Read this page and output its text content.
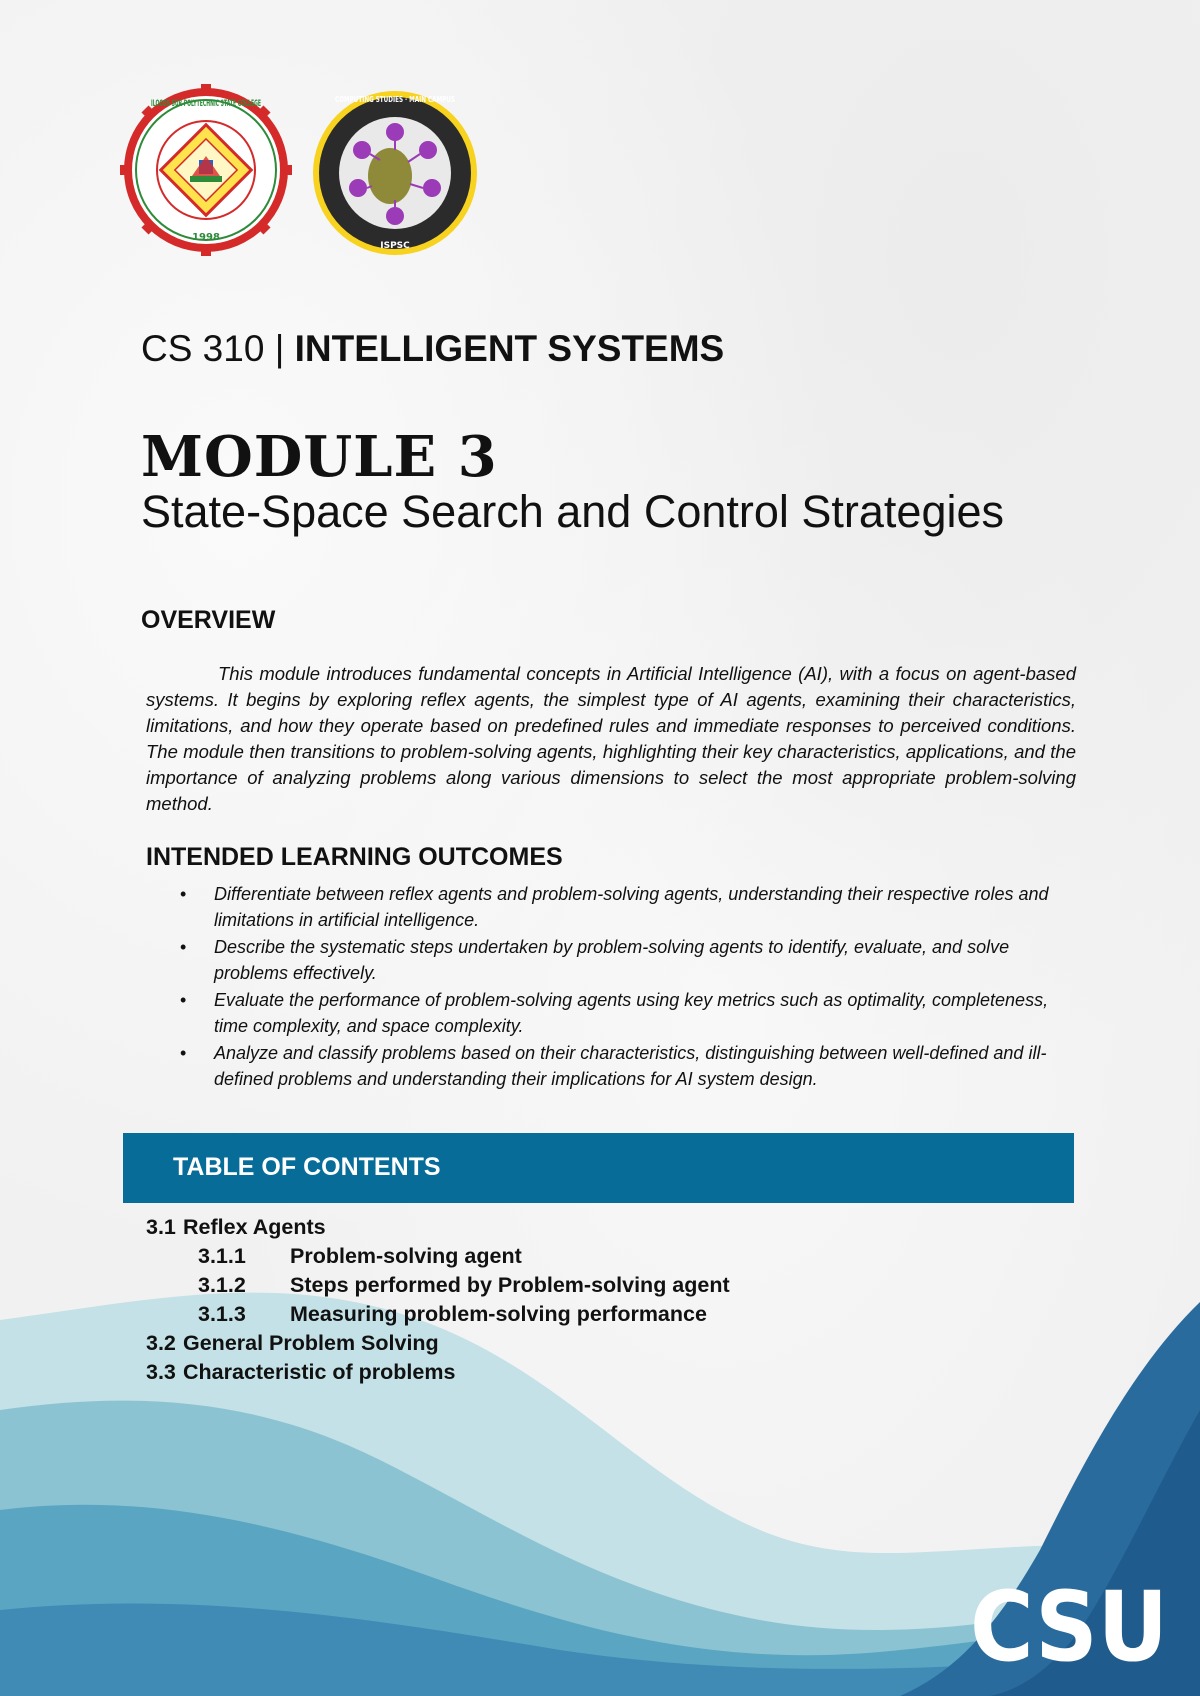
ILOCOS SUR POLYTECHNIC STATE COLLEGE
1998
COMPUTING STUDIES · MAIN CAMPUS
ISPSC
CS 310 | INTELLIGENT SYSTEMS
MODULE 3
State-Space Search and Control Strategies
OVERVIEW

This module introduces fundamental concepts in Artificial Intelligence (AI), with a focus on agent-based systems. It begins by exploring reflex agents, the simplest type of AI agents, examining their characteristics, limitations, and how they operate based on predefined rules and immediate responses to perceived conditions. The module then transitions to problem-solving agents, highlighting their key characteristics, applications, and the importance of analyzing problems along various dimensions to select the most appropriate problem-solving method.

INTENDED LEARNING OUTCOMES
• Differentiate between reflex agents and problem-solving agents, understanding their respective roles and limitations in artificial intelligence.
• Describe the systematic steps undertaken by problem-solving agents to identify, evaluate, and solve problems effectively.
• Evaluate the performance of problem-solving agents using key metrics such as optimality, completeness, time complexity, and space complexity.
• Analyze and classify problems based on their characteristics, distinguishing between well-defined and ill-defined problems and understanding their implications for AI system design.
TABLE OF CONTENTS
3.1 Reflex Agents
3.1.1 Problem-solving agent
3.1.2 Steps performed by Problem-solving agent
3.1.3 Measuring problem-solving performance
3.2 General Problem Solving
3.3 Characteristic of problems
CSU
